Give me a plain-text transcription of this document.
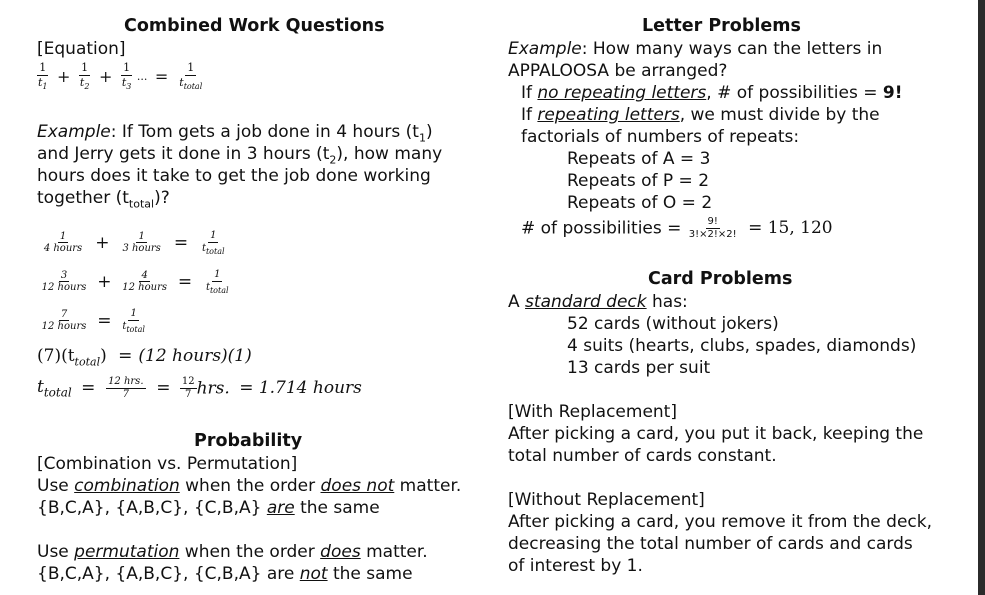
Combined Work Questions
[Equation]
$\frac{1}{t_1} + \frac{1}{t_2} + \frac{1}{t_3}$ ... = $\frac{1}{t_{total}}$
Example: If Tom gets a job done in 4 hours $(t_1)$
and Jerry gets it done in 3 hours $(t_2)$, how many
hours does it take to get the job done working
together $(t_{total})$?
$\frac{1}{\text{4 hours}} + \frac{1}{\text{3 hours}} = \frac{1}{t_{total}}$
$\frac{3}{\text{12 hours}} + \frac{4}{\text{12 hours}} = \frac{1}{t_{total}}$
$\frac{7}{\text{12 hours}} = \frac{1}{t_{total}}$
$(7)(t_{total}) = (12$ hours)(1)
$t_{total} = \frac{\text{12 hrs.}}{7} = \frac{12}{7}$ hrs. = 1.714 hours
Probability
[Combination vs. Permutation]
Use combination when the order does not matter.
{B,C,A}, {A,B,C}, {C,B,A} are the same
Use permutation when the order does matter.
{B,C,A}, {A,B,C}, {C,B,A} are not the same
Letter Problems
Example: How many ways can the letters in
APPALOOSA be arranged?
If no repeating letters, # of possibilities = 9!
If repeating letters, we must divide by the
factorials of numbers of repeats:
Repeats of A = 3
Repeats of P = 2
Repeats of O = 2
# of possibilities = $\frac{9!}{3!\times 2!\times 2!} = 15$, 120
Card Problems
A standard deck has:
52 cards (without jokers)
4 suits (hearts, clubs, spades, diamonds)
13 cards per suit
[With Replacement]
After picking a card, you put it back, keeping the
total number of cards constant.
[Without Replacement]
After picking a card, you remove it from the deck,
decreasing the total number of cards and cards
of interest by 1.
